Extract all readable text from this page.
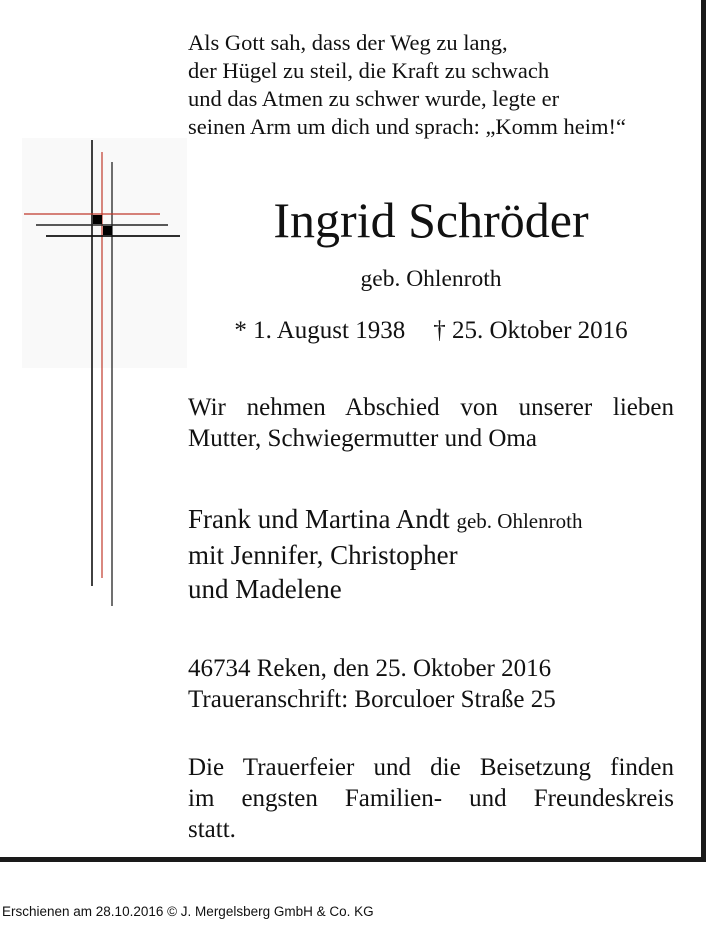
Als Gott sah, dass der Weg zu lang,
der Hügel zu steil, die Kraft zu schwach
und das Atmen zu schwer wurde, legte er
seinen Arm um dich und sprach: „Komm heim!“
Ingrid Schröder
geb. Ohlenroth
* 1. August 1938 † 25. Oktober 2016
Wir nehmen Abschied von unserer lieben
Mutter, Schwiegermutter und Oma
Frank und Martina Andt geb. Ohlenroth
mit Jennifer, Christopher
und Madelene
46734 Reken, den 25. Oktober 2016
Traueranschrift: Borculoer Straße 25
Die Trauerfeier und die Beisetzung finden
im engsten Familien- und Freundeskreis
statt.
Erschienen am 28.10.2016 © J. Mergelsberg GmbH & Co. KG
